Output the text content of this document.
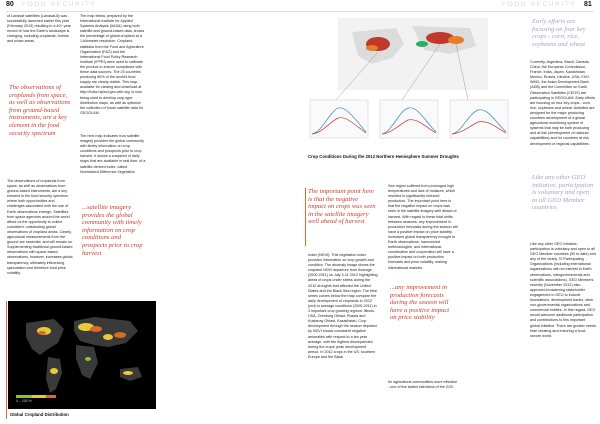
80 FOOD SECURITY
of Landsat satellites (Landsat-8) was successfully launched earlier this year (February 2013) resulting in a 40+ year record of how the Earth's landscape is changing, including croplands, forests and urban areas.
The observations of croplands from space, as well as observations from ground-based instruments, are a key element in the food security spectrum
The observations of croplands from space, as well as observations from ground-based instruments, are a key element in the food security spectrum where both opportunities and challenges associated with the use of Earth observations emerge. Satellites from space agencies around the world afford us the opportunity to collect consistent, outstanding global observations of cropland areas. Clearly, agricultural measurements from the ground are essential, and will remain so. Supplementing traditional ground-based observations with space-based observations, however, increases global transparency, ultimately influencing speculation and therefore food price volatility.
The map below, prepared by the International Institute for Applied Systems Analysis (IIASA) using both satellite and ground-based data, shows the percentage of global cropland at a 1-kilometer resolution. Cropland statistics from the Food and Agriculture Organization (FAO) and the International Food Policy Research Institute (IFPRI) were used to calibrate the product to ensure compliance with these data sources. The 25 countries producing 80% of the world's food supply are clearly visible. This map, available for viewing and download at http://hotia-hybrid.geo-wiki.org, is now being used to develop crop-type distribution maps, as well as optimize the collection of future satellite data for GEOGLAM.
The next map indicates how satellite imagery provides the global community with timely information on crop conditions and prospects prior to crop harvest. It shows a snapshot of daily maps that are available in real time, of a satellite derived index, called Normalized Difference Vegetation
...satellite imagery provides the global community with timely information on crop conditions and prospects prior to crop harvest
0 – 100 %
Global Cropland Distribution
FOOD SECURITY 81
Crop Conditions During the 2012 Northern Hemisphere Summer Droughts
Early efforts are focusing on four key crops - corn, rice, soybeans and wheat
Currently, Argentina, Brazil, Canada, China, the European Commission, France, India, Japan, Kazakhstan, Mexico, Russia, Ukraine, USA, FAO, WMO, the Asian Development Bank (ADB) and the Committee on Earth Observation Satellites (CEOS) are participating in GEOGLAM. Early efforts are focusing on four key crops - corn, rice, soybeans and wheat. Activities are designed for the major producing countries development of a global agricultural monitoring system of systems that may be both producing and at risk (development of national capabilities) and for countries at risk development of regional capabilities.
Like any other GEO initiative, participation is voluntary and open to all GEO Member countries
Like any other GEO initiative, participation is voluntary and open to all GEO Member countries (90 to date) and any of the nearly 70 Participating Organizations (including international organizations with an interest in Earth observations, intergovernmental and scientific associations). GEO Members recently (November 2012) also approved broadening stakeholder engagement in GEO to include foundations, development banks, other non-governmental organizations and commercial entities. In this regard, GEO would welcome additional participation and contributions to this important global initiative. There are greater needs than creating and ensuring a food-secure world.
The important point here is that the negative impact on crops was seen in the satellite imagery well ahead of harvest
Index (NDVI). This vegetation index provides information on crop growth and condition. The anomaly image shows the cropland NDVI departure from Average (2000-2011) on July 3-11 2012 highlighting areas of crops under stress during the 2012 droughts that affected the United States and the Black Sea region. The time series curves below the map compare the daily development of croplands in 2012 (red) to average conditions (2000-2011) in 3 important crop growing regions: Illinois, USA, Orenburg Oblast, Russia and Kostanay Oblast, Kazakhstan. Crop development through the season depicted by NDVI shows consistent negative anomalies with respect to a ten year average, with the highest discrepancies during the crops' peak development period. In 2012 crops in the US, southern Europe and the Black
Sea region suffered from prolonged high temperatures and lack of moisture, which resulted in significantly reduced production. The important point here is that the negative impact on crops was seen in the satellite imagery well ahead of harvest. With regard to these tidal shifts between seasons, any improvement in production forecasts during the season will have a positive impact on price stability. Increased global transparency brought to Earth observations, harmonized methodologies, and international coordination and cooperation will have a positive impact on both production forecasts and price volatility, making international markets
...any improvement in production forecasts during the season will have a positive impact on price stability
for agricultural commodities more effective - one of the stated intentions of the G20.
